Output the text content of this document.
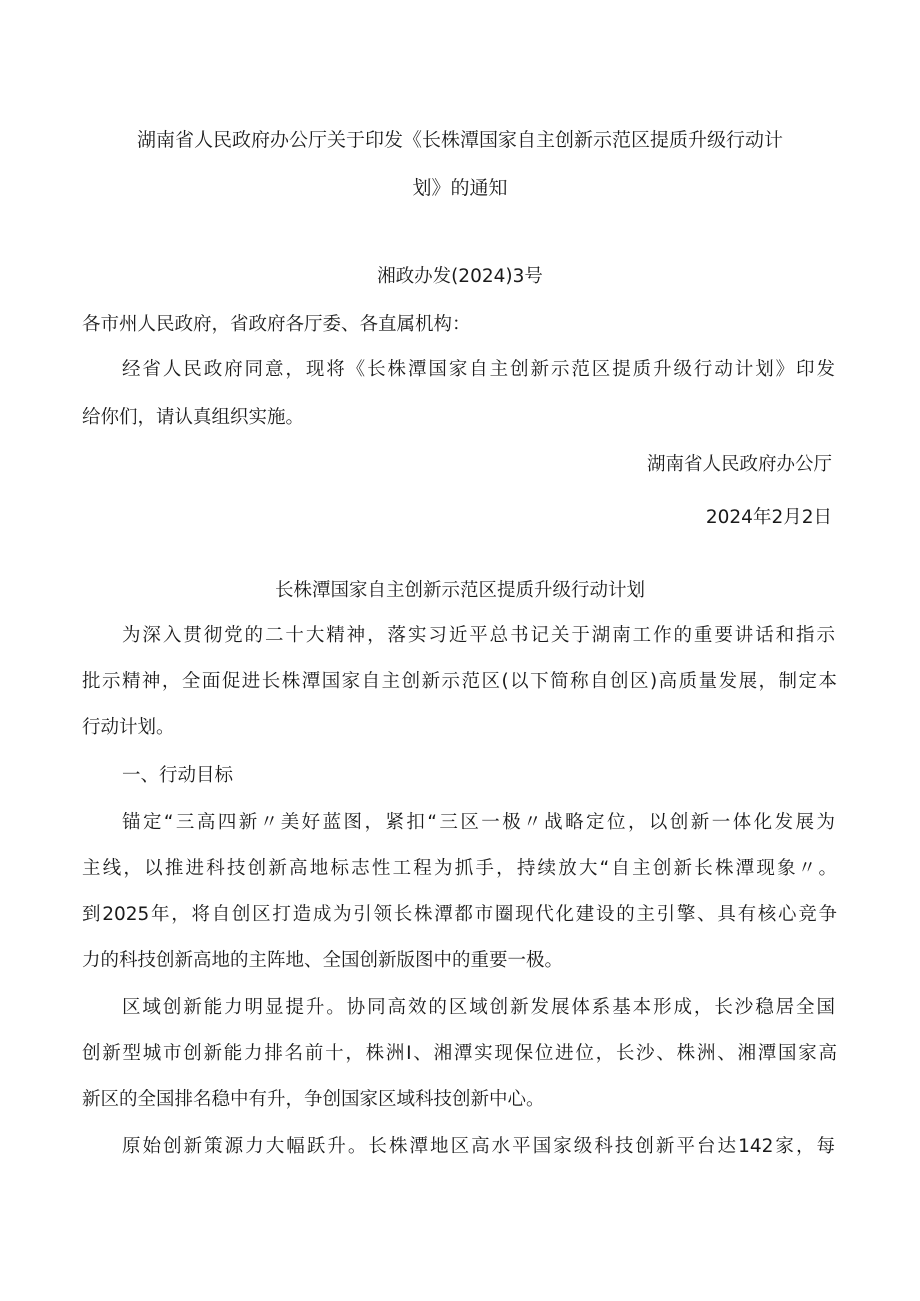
湖南省人民政府办公厅关于印发《长株潭国家自主创新示范区提质升级行动计
划》的通知
湘政办发(2024)3号
各市州人民政府，省政府各厅委、各直属机构：
经省人民政府同意，现将《长株潭国家自主创新示范区提质升级行动计划》印发
给你们，请认真组织实施。
湖南省人民政府办公厅
2024年2月2日
长株潭国家自主创新示范区提质升级行动计划
为深入贯彻党的二十大精神，落实习近平总书记关于湖南工作的重要讲话和指示
批示精神，全面促进长株潭国家自主创新示范区(以下简称自创区)高质量发展，制定本
行动计划。
一、行动目标
锚定“三高四新〃美好蓝图，紧扣“三区一极〃战略定位，以创新一体化发展为
主线，以推进科技创新高地标志性工程为抓手，持续放大“自主创新长株潭现象〃。
到2025年，将自创区打造成为引领长株潭都市圈现代化建设的主引擎、具有核心竞争
力的科技创新高地的主阵地、全国创新版图中的重要一极。
区域创新能力明显提升。协同高效的区域创新发展体系基本形成，长沙稳居全国
创新型城市创新能力排名前十，株洲I、湘潭实现保位进位，长沙、株洲、湘潭国家高
新区的全国排名稳中有升，争创国家区域科技创新中心。
原始创新策源力大幅跃升。长株潭地区高水平国家级科技创新平台达142家，每
